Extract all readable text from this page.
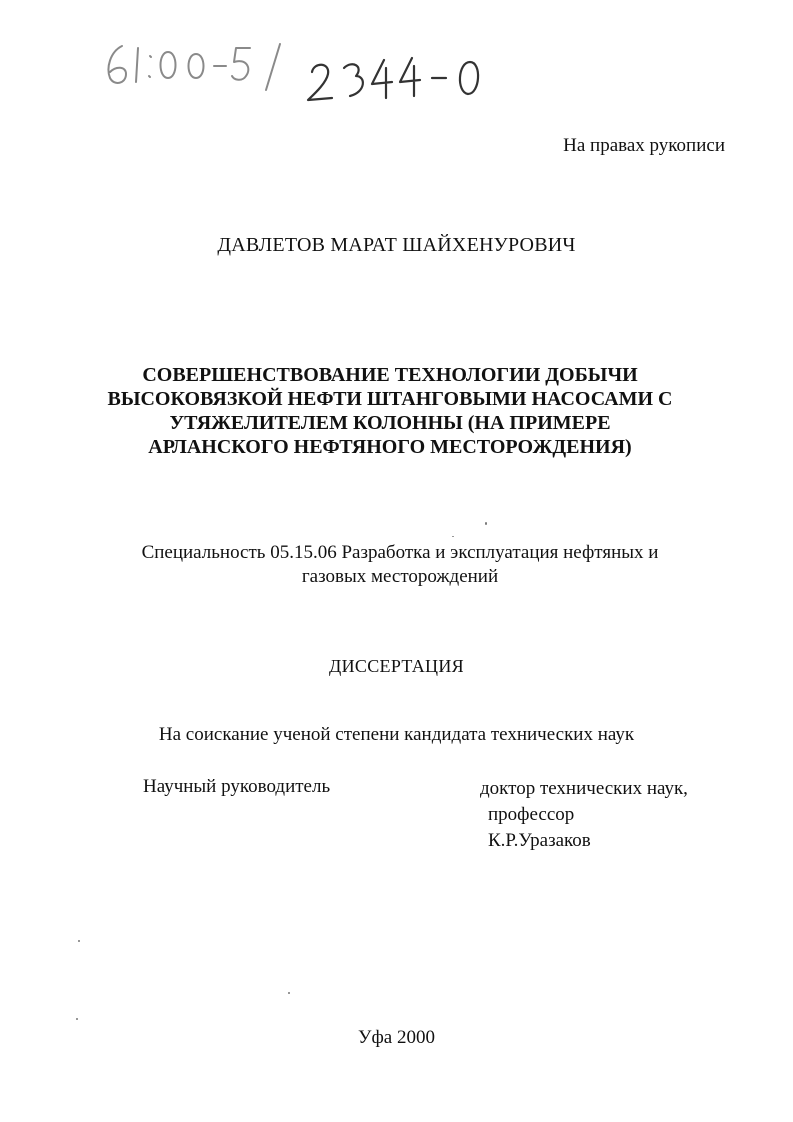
На правах рукописи
ДАВЛЕТОВ МАРАТ ШАЙХЕНУРОВИЧ
СОВЕРШЕНСТВОВАНИЕ ТЕХНОЛОГИИ ДОБЫЧИ
ВЫСОКОВЯЗКОЙ НЕФТИ ШТАНГОВЫМИ НАСОСАМИ С
УТЯЖЕЛИТЕЛЕМ КОЛОННЫ (НА ПРИМЕРЕ
АРЛАНСКОГО НЕФТЯНОГО МЕСТОРОЖДЕНИЯ)
Специальность 05.15.06 Разработка и эксплуатация нефтяных и
газовых месторождений
ДИССЕРТАЦИЯ
На соискание ученой степени кандидата технических наук
Научный руководитель	доктор технических наук,
профессор
К.Р.Уразаков
Уфа 2000
